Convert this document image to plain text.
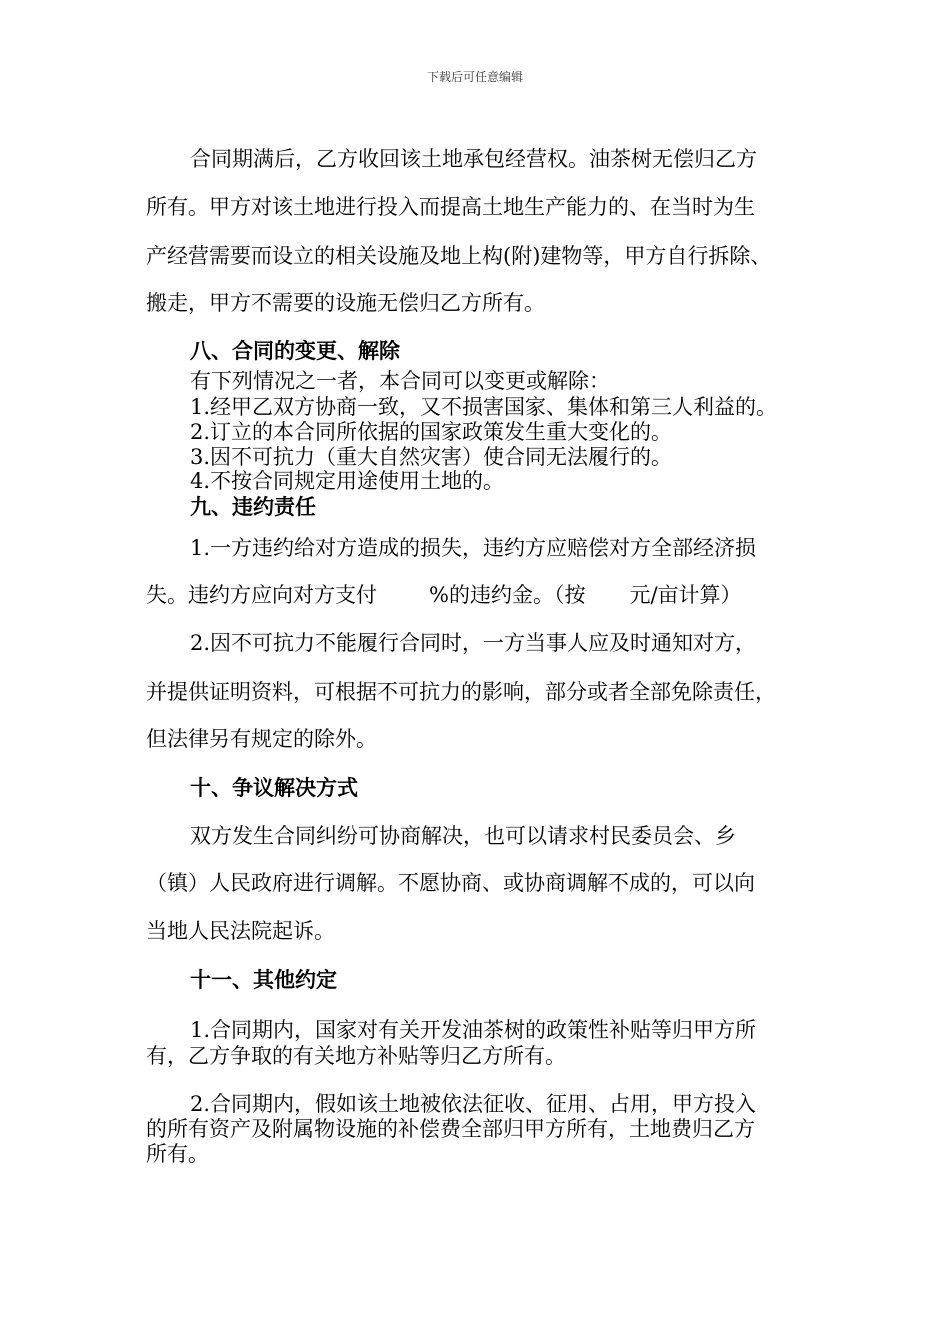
下载后可任意编辑

合同期满后，乙方收回该土地承包经营权。油茶树无偿归乙方

所有。甲方对该土地进行投入而提高土地生产能力的、在当时为生

产经营需要而设立的相关设施及地上构(附)建物等，甲方自行拆除、

搬走，甲方不需要的设施无偿归乙方所有。

八、合同的变更、解除

有下列情况之一者，本合同可以变更或解除：

1.经甲乙双方协商一致，又不损害国家、集体和第三人利益的。

2.订立的本合同所依据的国家政策发生重大变化的。

3.因不可抗力（重大自然灾害）使合同无法履行的。

4.不按合同规定用途使用土地的。

九、违约责任

1.一方违约给对方造成的损失，违约方应赔偿对方全部经济损

失。违约方应向对方支付 %的违约金。（按 元/亩计算）

2.因不可抗力不能履行合同时，一方当事人应及时通知对方，

并提供证明资料，可根据不可抗力的影响，部分或者全部免除责任，

但法律另有规定的除外。

十、争议解决方式

双方发生合同纠纷可协商解决，也可以请求村民委员会、乡

（镇）人民政府进行调解。不愿协商、或协商调解不成的，可以向

当地人民法院起诉。

十一、其他约定

1.合同期内，国家对有关开发油茶树的政策性补贴等归甲方所

有，乙方争取的有关地方补贴等归乙方所有。

2.合同期内，假如该土地被依法征收、征用、占用，甲方投入

的所有资产及附属物设施的补偿费全部归甲方所有，土地费归乙方

所有。
